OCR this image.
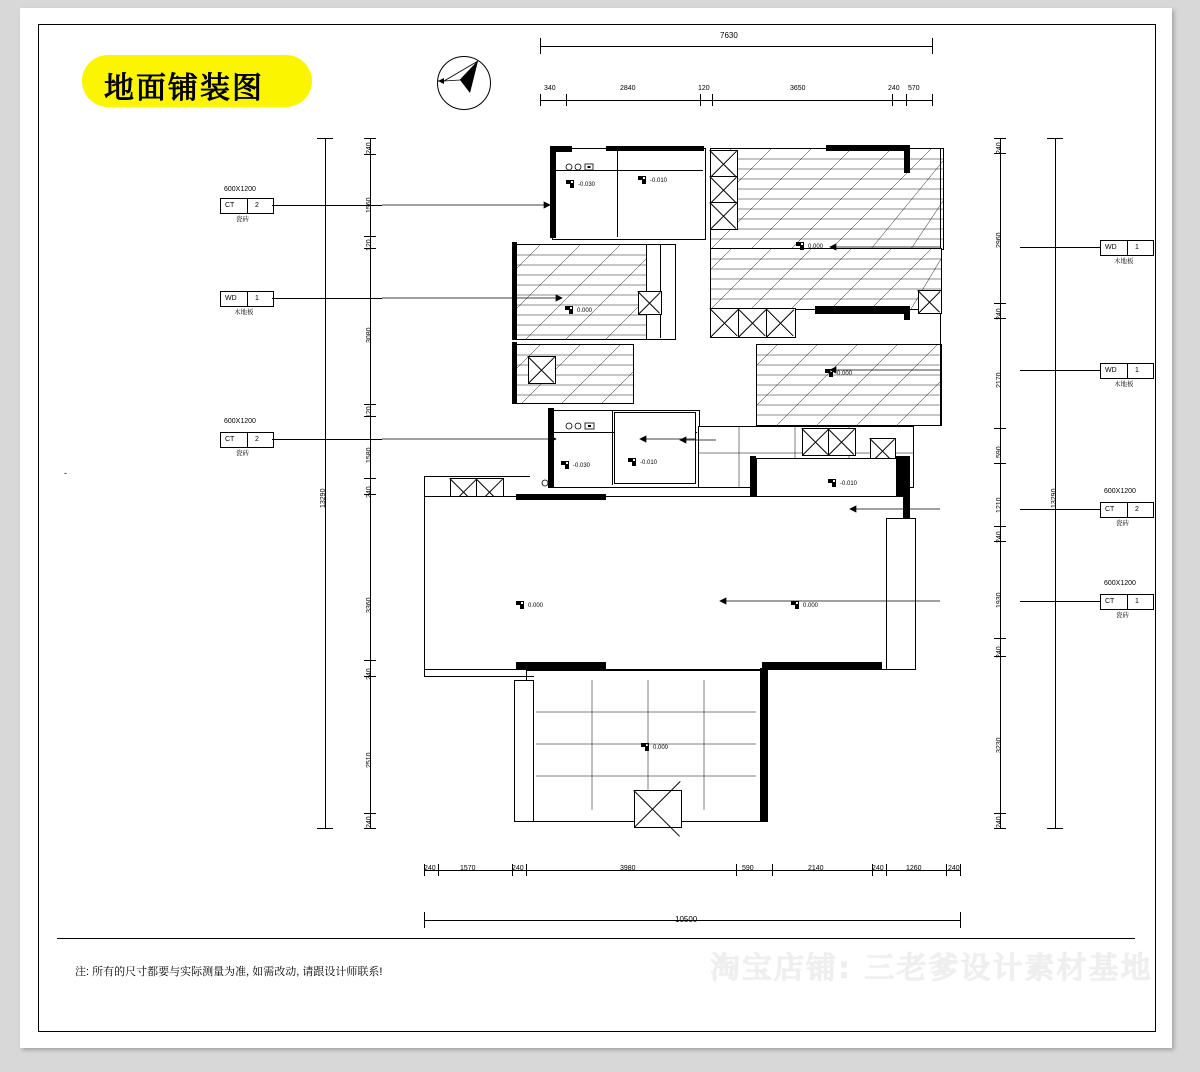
地面铺装图
-
7630
340	2840	120	3650	240 570
13290
240
120
3080
120
1580
240
3360
240
2510
240
13290
240
2960
240
2170
590
1210
240
1930
240
3230
240
240	1570	240	3980	590	2140	240	1260	240
10500
600X1200
CT	2
瓷砖
WD	1
木地板
600X1200
CT	2
瓷砖
WD	1
木地板
WD	1
木地板
600X1200
CT	2
瓷砖
600X1200
CT	1
瓷砖
-0.030
-0.010
0.000
0.000
0.000
-0.030	-0.010
-0.010
0.000	0.000
0.000
淘宝店铺: 三老爹设计素材基地
注: 所有的尺寸都要与实际测量为准, 如需改动, 请跟设计师联系!
